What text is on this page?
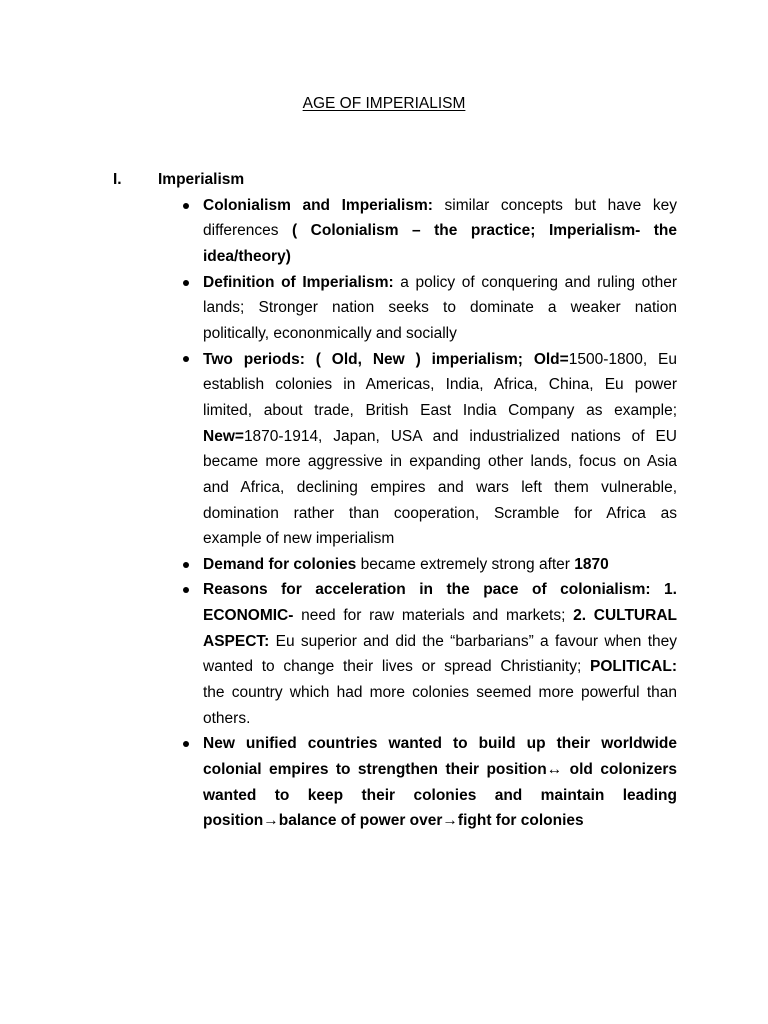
AGE OF IMPERIALISM
I. Imperialism
Colonialism and Imperialism: similar concepts but have key
differences ( Colonialism – the practice; Imperialism- the
idea/theory)
Definition of Imperialism: a policy of conquering and ruling other
lands; Stronger nation seeks to dominate a weaker nation
politically, econonmically and socially
Two periods: ( Old, New ) imperialism; Old=1500-1800, Eu
establish colonies in Americas, India, Africa, China, Eu power
limited, about trade, British East India Company as example;
New=1870-1914, Japan, USA and industrialized nations of EU
became more aggressive in expanding other lands, focus on Asia
and Africa, declining empires and wars left them vulnerable,
domination rather than cooperation, Scramble for Africa as
example of new imperialism
Demand for colonies became extremely strong after 1870
Reasons for acceleration in the pace of colonialism: 1.
ECONOMIC- need for raw materials and markets; 2. CULTURAL
ASPECT: Eu superior and did the “barbarians” a favour when they
wanted to change their lives or spread Christianity; POLITICAL:
the country which had more colonies seemed more powerful than
others.
New unified countries wanted to build up their worldwide
colonial empires to strengthen their position↔ old colonizers
wanted to keep their colonies and maintain leading
position→balance of power over→fight for colonies
